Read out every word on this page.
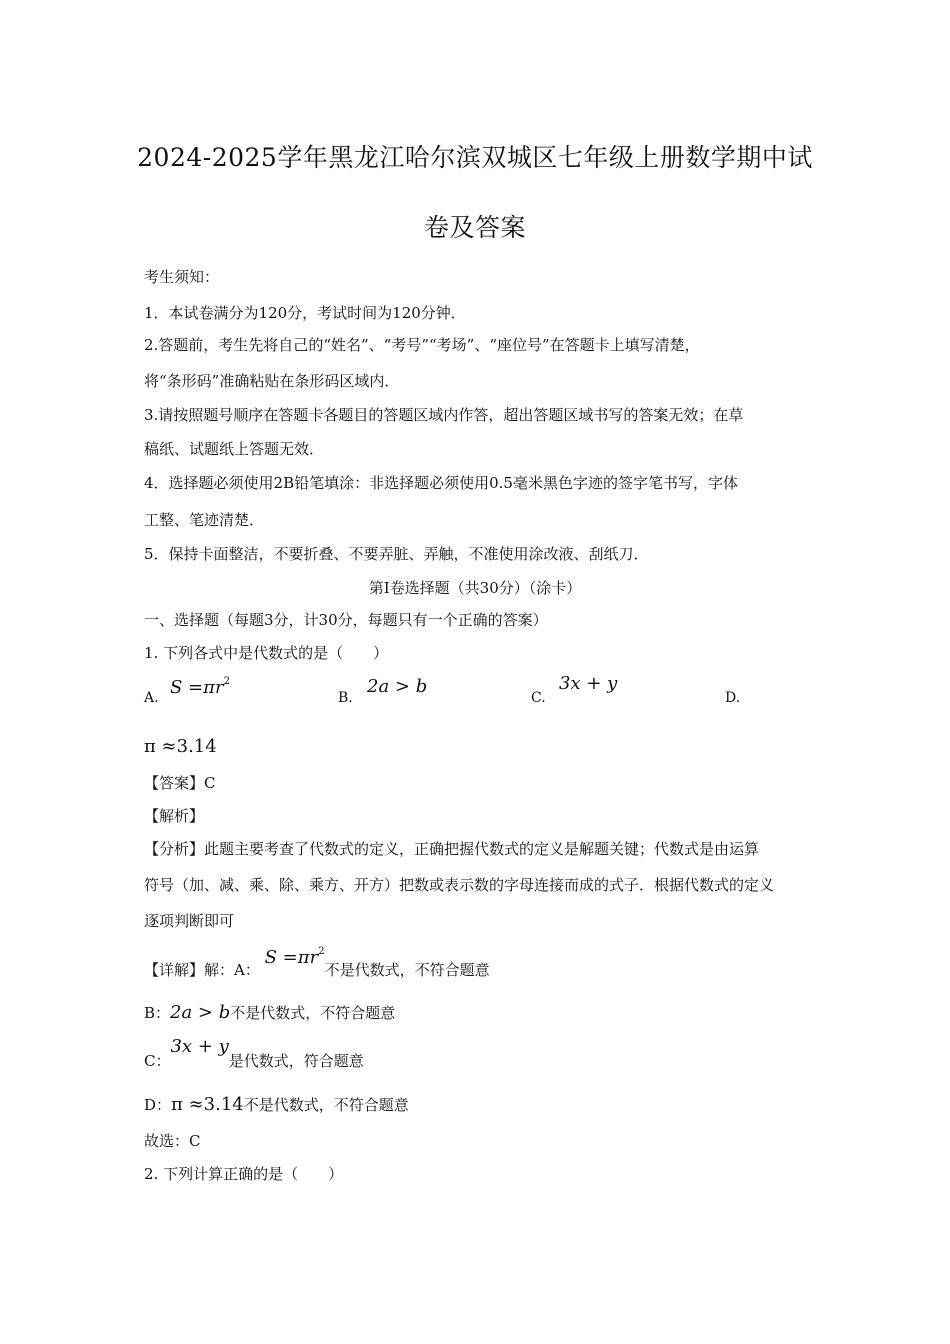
2024-2025学年黑龙江哈尔滨双城区七年级上册数学期中试
卷及答案
考生须知：
1．本试卷满分为120分，考试时间为120分钟．
2.答题前，考生先将自己的“姓名”、“考号”“考场”、“座位号”在答题卡上填写清楚，
将“条形码”准确粘贴在条形码区域内．
3.请按照题号顺序在答题卡各题目的答题区域内作答，超出答题区域书写的答案无效；在草
稿纸、试题纸上答题无效．
4．选择题必须使用2B铅笔填涂：非选择题必须使用0.5毫米黑色字迹的签字笔书写，字体
工整、笔迹清楚．
5．保持卡面整洁，不要折叠、不要弄脏、弄触，不准使用涂改液、刮纸刀．
第I卷选择题（共30分）（涂卡）
一、选择题（每题3分，计30分，每题只有一个正确的答案）
1. 下列各式中是代数式的是（　　）
A. $S =\pi r^2$
B.
2a > b
C.
3x + y
D.
π ≈3.14
【答案】C
【解析】
【分析】此题主要考查了代数式的定义，正确把握代数式的定义是解题关键；代数式是由运算
符号（加、减、乘、除、乘方、开方）把数或表示数的字母连接而成的式子．根据代数式的定义
逐项判断即可
【详解】解：A： $S =\pi r^2$不是代数式，不符合题意
B：2a > b不是代数式，不符合题意
C：3x + y是代数式，符合题意
D：π ≈3.14不是代数式，不符合题意
故选：C
2. 下列计算正确的是（　　）
